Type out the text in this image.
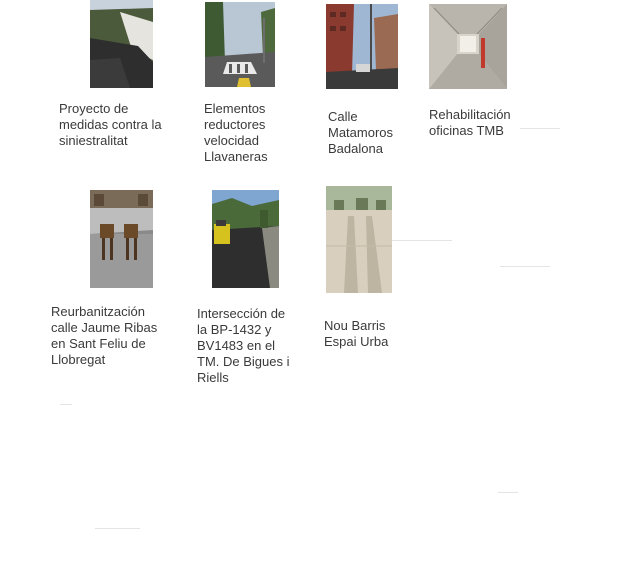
Proyecto de
medidas contra la
siniestralitat

Elementos
reductores
velocidad
Llavaneras

Calle
Matamoros
Badalona

Rehabilitación
oficinas TMB

Reurbanitzación
calle Jaume Ribas
en Sant Feliu de
Llobregat

Intersección de
la BP-1432 y
BV1483 en el
TM. De Bigues i
Riells

Nou Barris
Espai Urba
